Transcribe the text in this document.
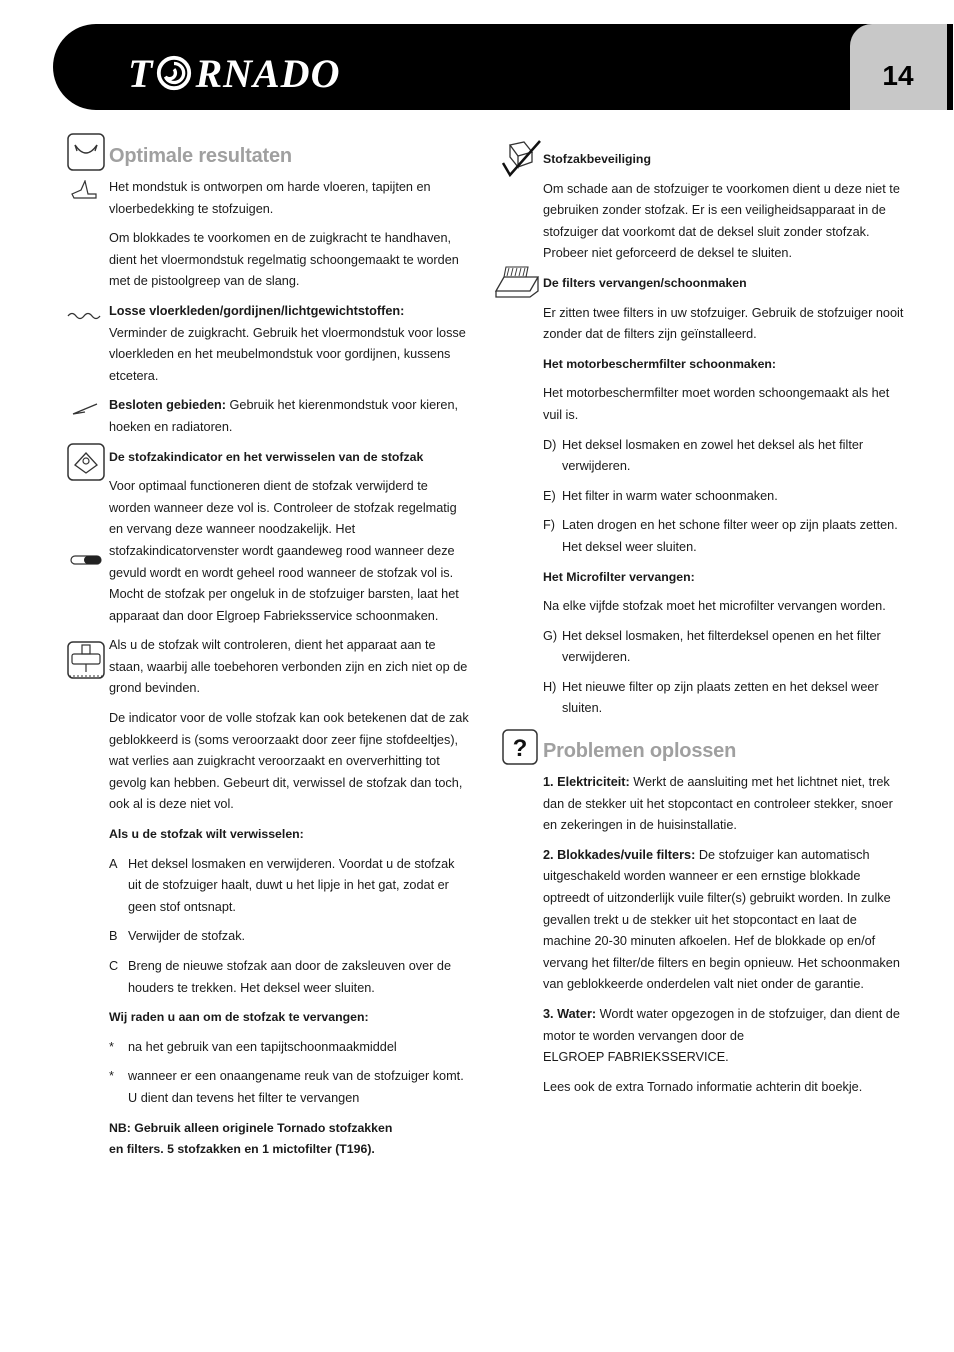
T RNADO	14
?
Optimale resultaten

Het mondstuk is ontworpen om harde vloeren, tapijten en vloerbedekking te stofzuigen.

Om blokkades te voorkomen en de zuigkracht te handhaven, dient het vloermondstuk regelmatig schoongemaakt te worden met de pistoolgreep van de slang.

Losse vloerkleden/gordijnen/lichtgewichtstoffen:
Verminder de zuigkracht. Gebruik het vloermondstuk voor losse vloerkleden en het meubelmondstuk voor gordijnen, kussens etcetera.

Besloten gebieden: Gebruik het kierenmondstuk voor kieren, hoeken en radiatoren.

De stofzakindicator en het verwisselen van de stofzak

Voor optimaal functioneren dient de stofzak verwijderd te worden wanneer deze vol is. Controleer de stofzak regelmatig en vervang deze wanneer noodzakelijk. Het stofzakindicatorvenster wordt gaandeweg rood wanneer deze gevuld wordt en wordt geheel rood wanneer de stofzak vol is. Mocht de stofzak per ongeluk in de stofzuiger barsten, laat het apparaat dan door Elgroep Fabrieksservice schoonmaken.

Als u de stofzak wilt controleren, dient het apparaat aan te staan, waarbij alle toebehoren verbonden zijn en zich niet op de grond bevinden.

De indicator voor de volle stofzak kan ook betekenen dat de zak geblokkeerd is (soms veroorzaakt door zeer fijne stofdeeltjes), wat verlies aan zuigkracht veroorzaakt en oververhitting tot gevolg kan hebben. Gebeurt dit, verwissel de stofzak dan toch, ook al is deze niet vol.

Als u de stofzak wilt verwisselen:
A Het deksel losmaken en verwijderen. Voordat u de stofzak uit de stofzuiger haalt, duwt u het lipje in het gat, zodat er geen stof ontsnapt.
B Verwijder de stofzak.
C Breng de nieuwe stofzak aan door de zaksleuven over de houders te trekken. Het deksel weer sluiten.
Wij raden u aan om de stofzak te vervangen:
*	na het gebruik van een tapijtschoonmaakmiddel
*	wanneer er een onaangename reuk van de stofzuiger komt. U dient dan tevens het filter te vervangen
NB: Gebruik alleen originele Tornado stofzakken
en filters. 5 stofzakken en 1 mictofilter (T196).
Stofzakbeveiliging

Om schade aan de stofzuiger te voorkomen dient u deze niet te gebruiken zonder stofzak. Er is een veiligheidsapparaat in de stofzuiger dat voorkomt dat de deksel sluit zonder stofzak. Probeer niet geforceerd de deksel te sluiten.

De filters vervangen/schoonmaken

Er zitten twee filters in uw stofzuiger. Gebruik de stofzuiger nooit zonder dat de filters zijn geïnstalleerd.

Het motorbeschermfilter schoonmaken:

Het motorbeschermfilter moet worden schoongemaakt als het vuil is.

D) Het deksel losmaken en zowel het deksel als het filter verwijderen.
E) Het filter in warm water schoonmaken.
F) Laten drogen en het schone filter weer op zijn plaats zetten. Het deksel weer sluiten.
Het Microfilter vervangen:

Na elke vijfde stofzak moet het microfilter vervangen worden.

G) Het deksel losmaken, het filterdeksel openen en het filter verwijderen.
H) Het nieuwe filter op zijn plaats zetten en het deksel weer sluiten.
Problemen oplossen

1. Elektriciteit: Werkt de aansluiting met het lichtnet niet, trek dan de stekker uit het stopcontact en controleer stekker, snoer en zekeringen in de huisinstallatie.

2. Blokkades/vuile filters: De stofzuiger kan automatisch uitgeschakeld worden wanneer er een ernstige blokkade optreedt of uitzonderlijk vuile filter(s) gebruikt worden. In zulke gevallen trekt u de stekker uit het stopcontact en laat de machine 20-30 minuten afkoelen. Hef de blokkade op en/of vervang het filter/de filters en begin opnieuw. Het schoonmaken van geblokkeerde onderdelen valt niet onder de garantie.

3. Water: Wordt water opgezogen in de stofzuiger, dan dient de motor te worden vervangen door de
ELGROEP FABRIEKSSERVICE.

Lees ook de extra Tornado informatie achterin dit boekje.
